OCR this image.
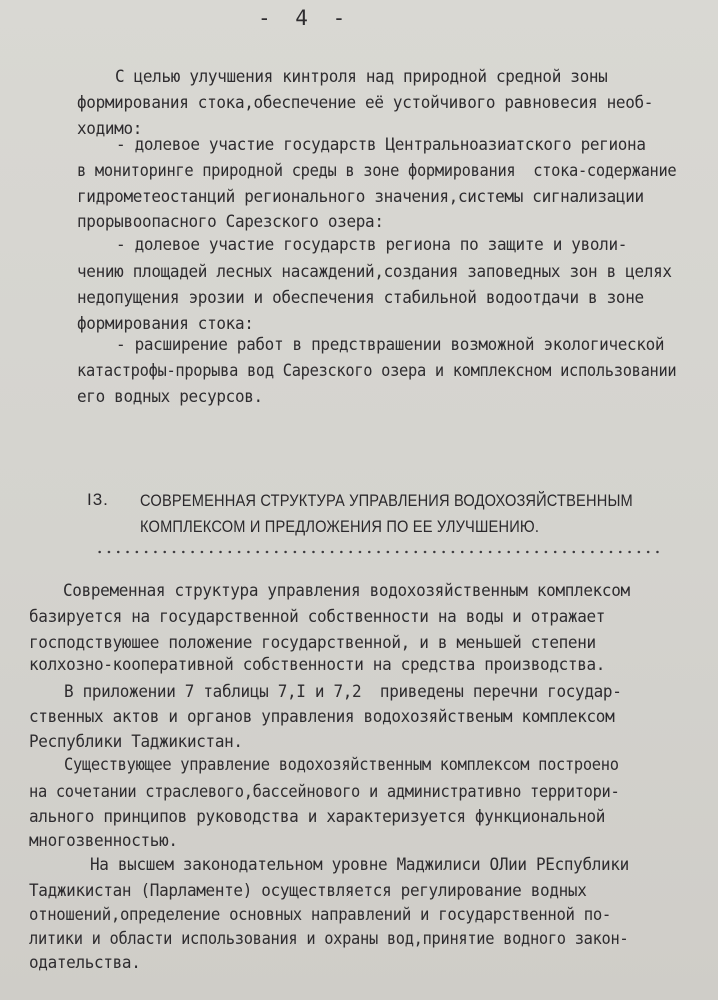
- 4 -
С целью улучшения кинтроля над природной средной зоны
формирования стока,обеспечение её устойчивого равновесия необ-
ходимо:
- долевое участие государств Центральноазиатского региона
в мониторинге природной среды в зоне формирования  стока-содержание
гидрометеостанций регионального значения,системы сигнализации
прорывоопасного Сарезского озера:
- долевое участие государств региона по защите и уволи-
чению площадей лесных насаждений,создания заповедных зон в целях
недопущения эрозии и обеспечения стабильной водоотдачи в зоне
формирования стока:
- расширение работ в предстврашении возможной экологической
катастрофы-прорыва вод Сарезского озера и комплексном использовании
его водных ресурсов.
I3. СОВРЕМЕННАЯ СТРУКТУРА УПРАВЛЕНИЯ ВОДОХОЗЯЙСТВЕННЫМ
КОМПЛЕКСОМ И ПРЕДЛОЖЕНИЯ ПО ЕЕ УЛУЧШЕНИЮ.
Современная структура управления водохозяйственным комплексом
базируется на государственной собственности на воды и отражает
господствуюшее положение государственной, и в меньшей степени
колхозно-кооперативной собственности на средства производства.
В приложении 7 таблицы 7,I и 7,2  приведены перечни государ-
ственных актов и органов управления водохозяйственым комплексом
Республики Таджикистан.
Существующее управление водохозяйственным комплексом построено
на сочетании страслевого,бассейнового и административно территори-
ального принципов руководства и характеризуется функциональной
многозвенностью.
На высшем законодательном уровне Маджилиси ОЛии РЕспублики
Таджикистан (Парламенте) осуществляется регулирование водных
отношений,определение основных направлений и государственной по-
литики и области использования и охраны вод,принятие водного закон-
одательства.
